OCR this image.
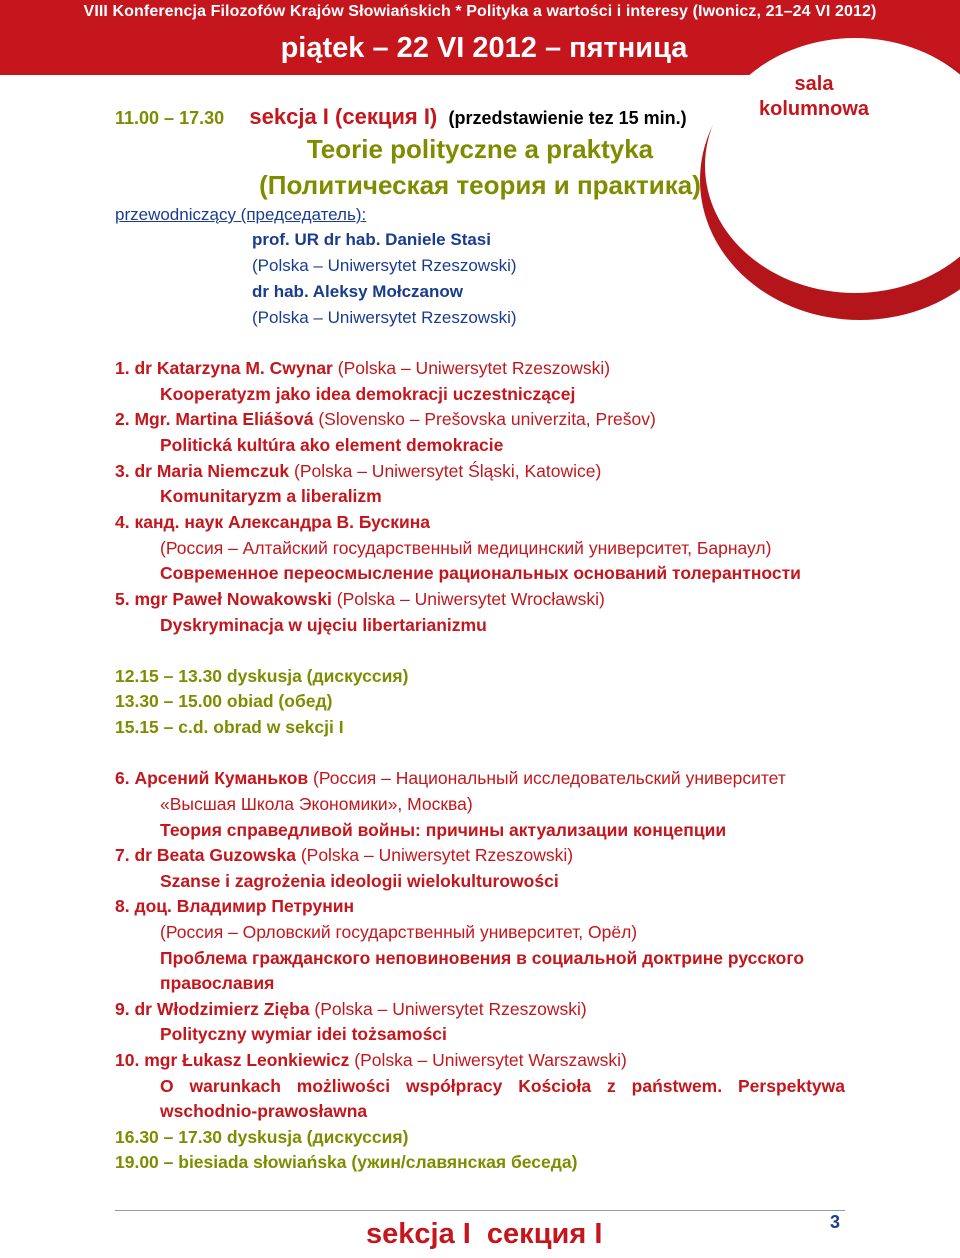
VIII Konferencja Filozofów Krajów Słowiańskich * Polityka a wartości i interesy (Iwonicz, 21–24 VI 2012)
piątek – 22 VI 2012 – пятница
sala
kolumnowa
11.00 – 17.30 sekcja I (секция I) (przedstawienie tez 15 min.)
Teorie polityczne a praktyka
(Политическая теория и практика)
przewodniczący (председатель):
prof. UR dr hab. Daniele Stasi
(Polska – Uniwersytet Rzeszowski)
dr hab. Aleksy Mołczanow
(Polska – Uniwersytet Rzeszowski)
1. dr Katarzyna M. Cwynar (Polska – Uniwersytet Rzeszowski)
Kooperatyzm jako idea demokracji uczestniczącej
2. Mgr. Martina Eliášová (Slovensko – Prešovska univerzita, Prešov)
Politická kultúra ako element demokracie
3. dr Maria Niemczuk (Polska – Uniwersytet Śląski, Katowice)
Komunitaryzm a liberalizm
4. канд. наук Александра В. Бускина
(Россия – Алтайский государственный медицинский университет, Барнаул)
Современное переосмысление рациональных оснований толерантности
5. mgr Paweł Nowakowski (Polska – Uniwersytet Wrocławski)
Dyskryminacja w ujęciu libertarianizmu
12.15 – 13.30 dyskusja (дискуссия)
13.30 – 15.00 obiad (обед)
15.15 – c.d. obrad w sekcji I
6. Арсений Куманьков (Россия – Национальный исследовательский университет
«Высшая Школа Экономики», Москва)
Теория справедливой войны: причины актуализации концепции
7. dr Beata Guzowska (Polska – Uniwersytet Rzeszowski)
Szanse i zagrożenia ideologii wielokulturowości
8. доц. Владимир Петрунин
(Россия – Орловский государственный университет, Орёл)
Проблема гражданского неповиновения в социальной доктрине русского
православия
9. dr Włodzimierz Zięba (Polska – Uniwersytet Rzeszowski)
Polityczny wymiar idei tożsamości
10. mgr Łukasz Leonkiewicz (Polska – Uniwersytet Warszawski)
O warunkach możliwości współpracy Kościoła z państwem. Perspektywa
wschodnio-prawosławna
16.30 – 17.30 dyskusja (дискуссия)
19.00 – biesiada słowiańska (ужин/славянская беседа)
sekcja I  секция I	3
